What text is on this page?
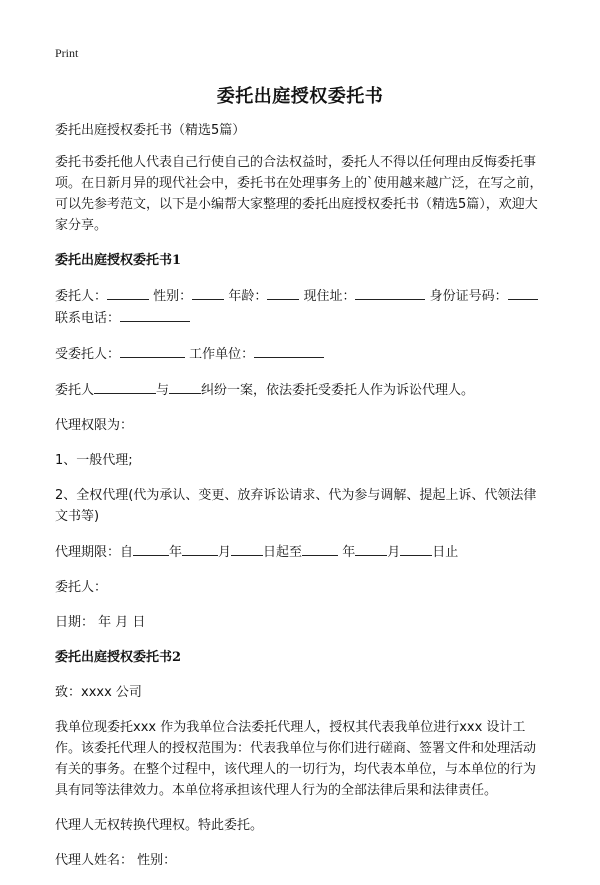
Print
委托出庭授权委托书

委托出庭授权委托书（精选5篇）

委托书委托他人代表自己行使自己的合法权益时，委托人不得以任何理由反悔委托事项。在日新月异的现代社会中，委托书在处理事务上的`使用越来越广泛，在写之前，可以先参考范文，以下是小编帮大家整理的委托出庭授权委托书（精选5篇），欢迎大家分享。

委托出庭授权委托书1

委托人：	性别：	年龄：	现住址：	身份证号码：
联系电话：

受委托人：	工作单位：

委托人	与 纠纷一案，依法委托受委托人作为诉讼代理人。

代理权限为：

1、一般代理;

2、全权代理(代为承认、变更、放弃诉讼请求、代为参与调解、提起上诉、代领法律文书等)

代理期限：自	年	月 日起至	年 月 日止

委托人：

日期： 年 月 日

委托出庭授权委托书2

致：xxxx 公司

我单位现委托xxx 作为我单位合法委托代理人，授权其代表我单位进行xxx 设计工作。该委托代理人的授权范围为：代表我单位与你们进行磋商、签署文件和处理活动有关的事务。在整个过程中，该代理人的一切行为，均代表本单位，与本单位的行为具有同等法律效力。本单位将承担该代理人行为的全部法律后果和法律责任。

代理人无权转换代理权。特此委托。

代理人姓名： 性别：
